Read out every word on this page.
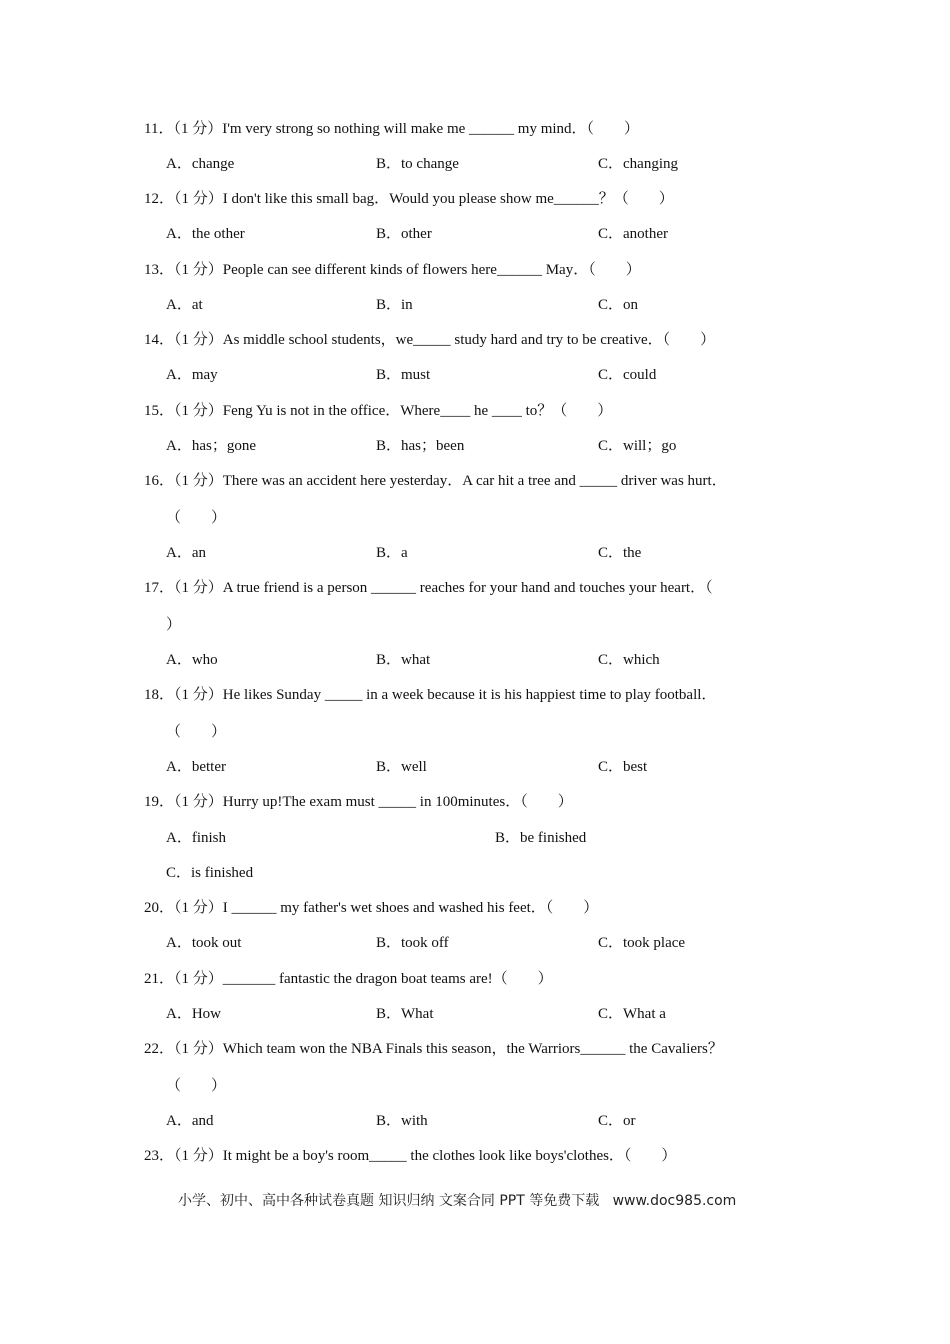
11．（1 分）I'm very strong so nothing will make me ______ my mind．（　　）
A．change	B．to change	C．changing
12．（1 分）I don't like this small bag．Would you please show me______？（　　）
A．the other	B．other	C．another
13．（1 分）People can see different kinds of flowers here______ May．（　　）
A．at	B．in	C．on
14．（1 分）As middle school students，we_____ study hard and try to be creative．（　　）
A．may	B．must	C．could
15．（1 分）Feng Yu is not in the office．Where____ he ____ to？（　　）
A．has；gone	B．has；been	C．will；go
16．（1 分）There was an accident here yesterday．A car hit a tree and _____ driver was hurt．
（　　）
A．an	B．a	C．the
17．（1 分）A true friend is a person ______ reaches for your hand and touches your heart．（
）
A．who	B．what	C．which
18．（1 分）He likes Sunday _____ in a week because it is his happiest time to play football．
（　　）
A．better	B．well	C．best
19．（1 分）Hurry up!The exam must _____ in 100minutes．（　　）
A．finish	B．be finished
C．is finished
20．（1 分）I ______ my father's wet shoes and washed his feet．（　　）
A．took out	B．took off	C．took place
21．（1 分）_______ fantastic the dragon boat teams are!（　　）
A．How	B．What	C．What a
22．（1 分）Which team won the NBA Finals this season，the Warriors______ the Cavaliers？
（　　）
A．and	B．with	C．or
23．（1 分）It might be a boy's room_____ the clothes look like boys'clothes．（　　）
小学、初中、高中各种试卷真题 知识归纳 文案合同 PPT 等免费下载   www.doc985.com
